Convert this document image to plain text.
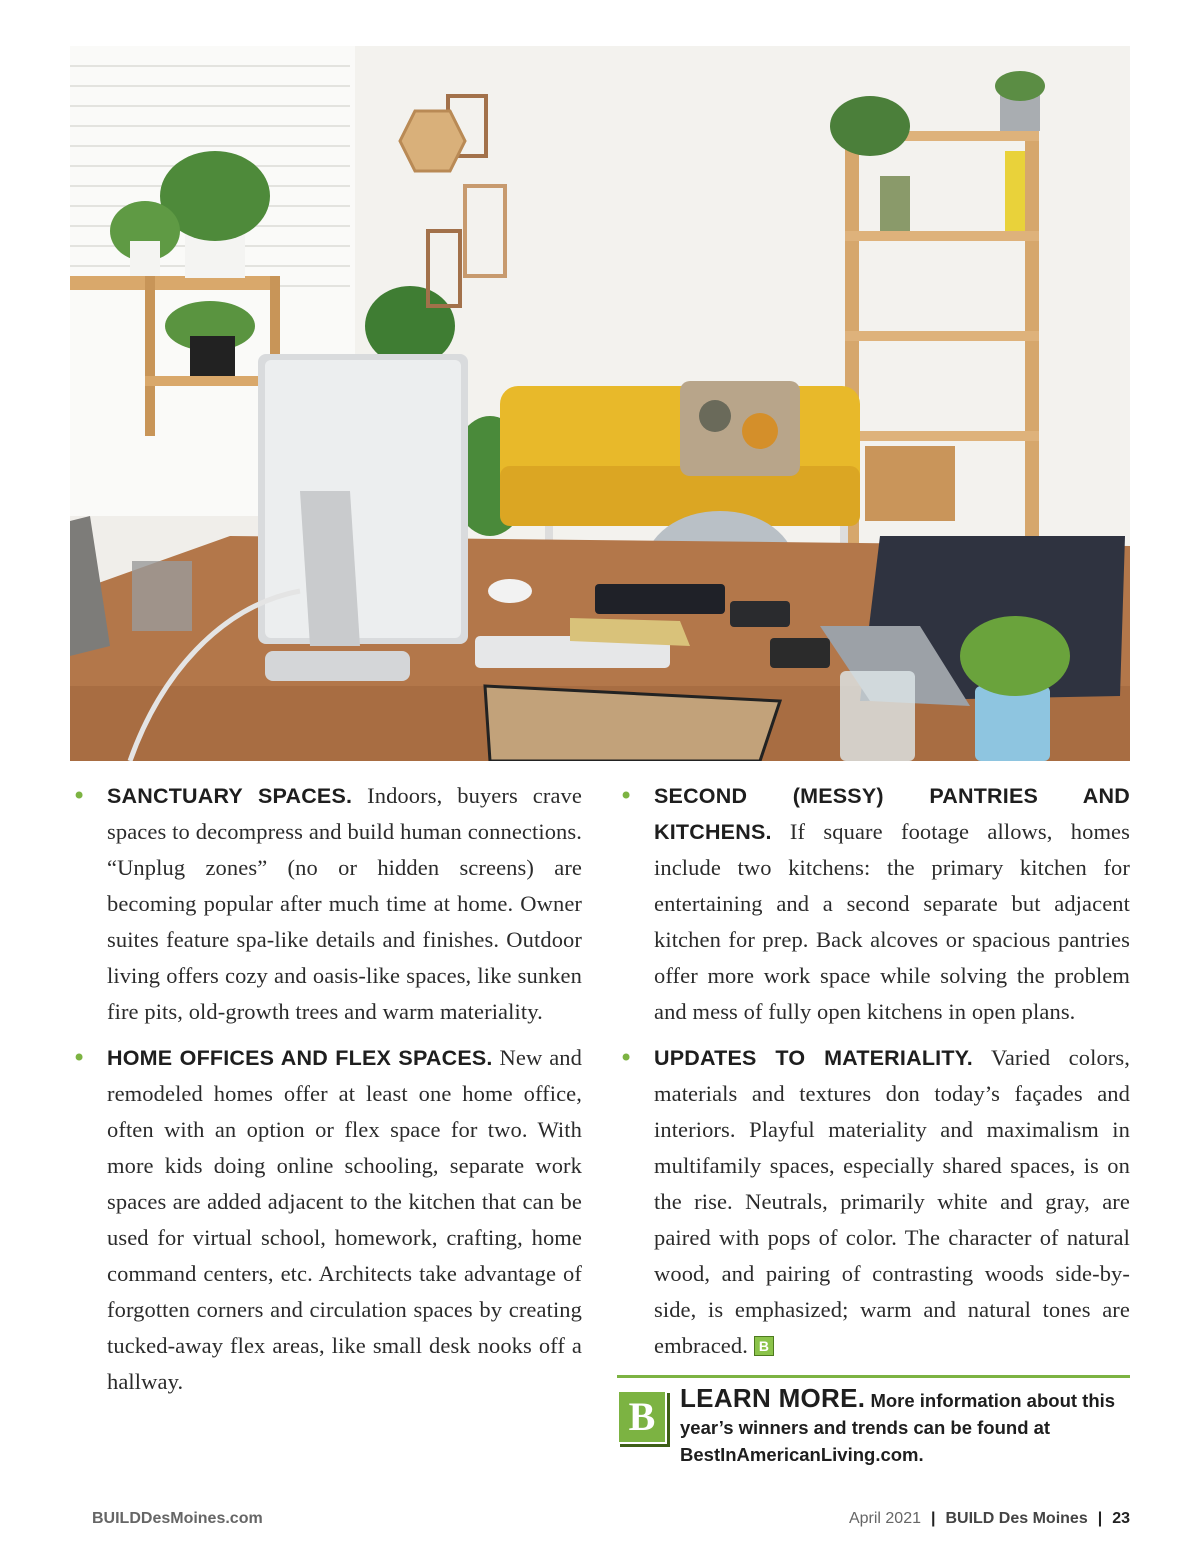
• SANCTUARY SPACES. Indoors, buyers crave spaces to decompress and build human connections. “Unplug zones” (no or hidden screens) are becoming popular after much time at home. Owner suites feature spa-like details and finishes. Outdoor living offers cozy and oasis-like spaces, like sunken fire pits, old-growth trees and warm materiality.

• HOME OFFICES AND FLEX SPACES. New and remodeled homes offer at least one home office, often with an option or flex space for two. With more kids doing online schooling, separate work spaces are added adjacent to the kitchen that can be used for virtual school, homework, crafting, home command centers, etc. Architects take advantage of forgotten corners and circulation spaces by creating tucked-away flex areas, like small desk nooks off a hallway.

• SECOND (MESSY) PANTRIES AND KITCHENS. If square footage allows, homes include two kitchens: the primary kitchen for entertaining and a second separate but adjacent kitchen for prep. Back alcoves or spacious pantries offer more work space while solving the problem and mess of fully open kitchens in open plans.

• UPDATES TO MATERIALITY. Varied colors, materials and textures don today’s façades and interiors. Playful materiality and maximalism in multifamily spaces, especially shared spaces, is on the rise. Neutrals, primarily white and gray, are paired with pops of color. The character of natural wood, and pairing of contrasting woods side-by-side, is emphasized; warm and natural tones are embraced. B

B LEARN MORE. More information about this year’s winners and trends can be found at BestInAmericanLiving.com.
BUILDDesMoines.com	April 2021 | BUILD Des Moines | 23
